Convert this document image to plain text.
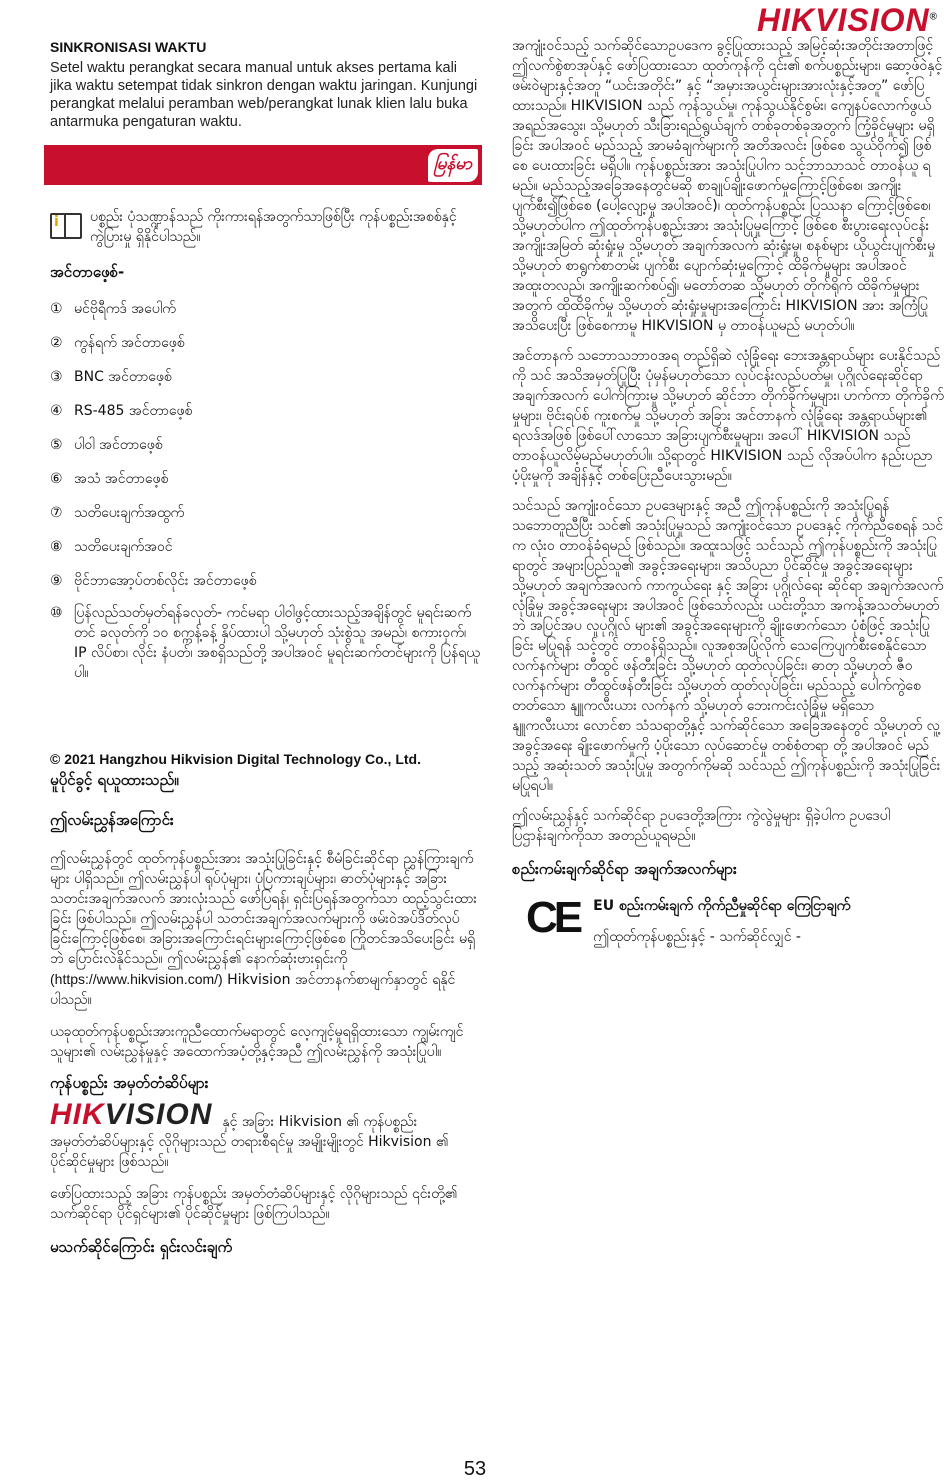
HIKVISION®

SINKRONISASI WAKTU

Setel waktu perangkat secara manual untuk akses pertama kali jika waktu setempat tidak sinkron dengan waktu jaringan. Kunjungi perangkat melalui peramban web/perangkat lunak klien lalu buka antarmuka pengaturan waktu.

မြန်မာ
i

ပစ္စည်း ပုံသဏ္ဍာန်သည် ကိုးကားရန်အတွက်သာဖြစ်ပြီး ကုန်ပစ္စည်းအစစ်နှင့် ကွဲပြားမှု ရှိနိုင်ပါသည်။

အင်တာဖေ့စ်-

① မင်ဗိုရီကဒ် အပေါက်
② ကွန်ရက် အင်တာဖေ့စ်
③ BNC အင်တာဖေ့စ်
④ RS-485 အင်တာဖေ့စ်
⑤ ပါဝါ အင်တာဖေ့စ်
⑥ အသံ အင်တာဖေ့စ်
⑦ သတိပေးချက်အထွက်
⑧ သတိပေးချက်အဝင်
⑨ ဗိုင်ဘာအော့ပ်တစ်လိုင်း အင်တာဖေ့စ်
⑩ ပြန်လည်သတ်မှတ်ရန်ခလုတ်- ကင်မရာ ပါဝါဖွင့်ထားသည့်အချိန်တွင် မူရင်းဆက်တင် ခလုတ်ကို ၁၀ စက္ကန့်ခန့် နှိပ်ထားပါ သို့မဟုတ် သုံးစွဲသူ အမည်၊ စကားဝှက်၊ IP လိပ်စာ၊ လိုင်း နံပတ်၊ အစရှိသည်တို့ အပါအဝင် မူရင်းဆက်တင်များကို ပြန်ရယူပါ။

© 2021 Hangzhou Hikvision Digital Technology Co., Ltd.

မူပိုင်ခွင့် ရယူထားသည်။

ဤလမ်းညွှန်အကြောင်း

ဤလမ်းညွှန်တွင် ထုတ်ကုန်ပစ္စည်းအား အသုံးပြုခြင်းနှင့် စီမံခြင်းဆိုင်ရာ ညွှန်ကြားချက်များ ပါရှိသည်။ ဤလမ်းညွှန်ပါ ရုပ်ပုံများ၊ ပုံပြကားချပ်များ၊ ဓာတ်ပုံများနှင့် အခြားသတင်းအချက်အလက် အားလုံးသည် ဖော်ပြရန်၊ ရှင်းပြရန်အတွက်သာ ထည့်သွင်းထားခြင်း ဖြစ်ပါသည်။ ဤလမ်းညွှန်ပါ သတင်းအချက်အလက်များကို ဖမ်းဝဲအပ်ဒိတ်လုပ်ခြင်းကြောင့်ဖြစ်စေ၊ အခြားအကြောင်းရင်းများကြောင့်ဖြစ်စေ ကြိုတင်အသိပေးခြင်း မရှိဘဲ ပြောင်းလဲနိုင်သည်။ ဤလမ်းညွှန်၏ နောက်ဆုံးဗားရှင်းကို (https://www.hikvision.com/) Hikvision အင်တာနက်စာမျက်နှာတွင် ရနိုင်ပါသည်။

ယခုထုတ်ကုန်ပစ္စည်းအားကူညီထောက်မရာတွင် လေ့ကျင့်မှုရရှိထားသော ကျွမ်းကျင်သူများ၏ လမ်းညွှန်မှုနှင့် အထောက်အပံ့တို့နှင့်အညီ ဤလမ်းညွှန်ကို အသုံးပြုပါ။

ကုန်ပစ္စည်း အမှတ်တံဆိပ်များ

HIKVISION နှင့် အခြား Hikvision ၏ ကုန်ပစ္စည်း

အမှတ်တံဆိပ်များနှင့် လိုဂိုများသည် တရားစီရင်မှု အမျိုးမျိုးတွင် Hikvision ၏ ပိုင်ဆိုင်မှုများ ဖြစ်သည်။

ဖော်ပြထားသည့် အခြား ကုန်ပစ္စည်း အမှတ်တံဆိပ်များနှင့် လိုဂိုများသည် ၎င်းတို့၏ သက်ဆိုင်ရာ ပိုင်ရှင်များ၏ ပိုင်ဆိုင်မှုများ ဖြစ်ကြပါသည်။

မသက်ဆိုင်ကြောင်း ရှင်းလင်းချက်

အကျုံးဝင်သည့် သက်ဆိုင်သောဥပဒေက ခွင့်ပြုထားသည့် အမြင့်ဆုံးအတိုင်းအတာဖြင့် ဤလက်စွဲစာအုပ်နှင့် ဖော်ပြထားသော ထုတ်ကုန်ကို ၎င်း၏ စက်ပစ္စည်းများ၊ ဆော့ဖ်ဝဲနှင့် ဖမ်းဝဲများနှင့်အတူ “ယင်းအတိုင်း” နှင့် “အမှားအယွင်းများအားလုံးနှင့်အတူ” ဖော်ပြထားသည်။ HIKVISION သည် ကုန်သွယ်မှု၊ ကုန်သွယ်နိုင်စွမ်း၊ ကျေနပ်လောက်ဖွယ် အရည်အသွေး၊ သို့မဟုတ် သီးခြားရည်ရွယ်ချက် တစ်ခုတစ်ခုအတွက် ကြံ့ခိုင်မှုများ မရှိခြင်း အပါအဝင် မည်သည့် အာမခံချက်များကို အတိအလင်း ဖြစ်စေ သွယ်ဝိုက်၍ ဖြစ်စေ ပေးထားခြင်း မရှိပါ။ ကုန်ပစ္စည်းအား အသုံးပြုပါက သင့်ဘာသာသင် တာဝန်ယူ ရမည်။ မည်သည့်အခြေအနေတွင်မဆို စာချုပ်ချိုးဖောက်မှုကြောင့်ဖြစ်စေ၊ အကျိုးပျက်စီး၍ဖြစ်စေ (ပေါ့လျော့မှု အပါအဝင်)၊ ထုတ်ကုန်ပစ္စည်း ပြဿနာ ကြောင့်ဖြစ်စေ၊ သို့မဟုတ်ပါက ဤထုတ်ကုန်ပစ္စည်းအား အသုံးပြုမှုကြောင့် ဖြစ်စေ စီးပွားရေးလုပ်ငန်း အကျိုးအမြတ် ဆုံးရှုံးမှု သို့မဟုတ် အချက်အလက် ဆုံးရှုံးမှု၊ စနစ်များ ယိုယွင်းပျက်စီးမှု သို့မဟုတ် စာရွက်စာတမ်း ပျက်စီး ပျောက်ဆုံးမှုကြောင့် ထိခိုက်မှုများ အပါအဝင် အထူးတလည်၊ အကျိုးဆက်စပ်၍၊ မတော်တဆ သို့မဟုတ် တိုက်ရိုက် ထိခိုက်မှုများအတွက် ထိုထိခိုက်မှု သို့မဟုတ် ဆုံးရှုံးမှုများအကြောင်း HIKVISION အား အကြံပြု အသိပေးပြီး ဖြစ်စေကာမူ HIKVISION မှ တာဝန်ယူမည် မဟုတ်ပါ။

အင်တာနက် သဘောသဘာဝအရ တည်ရှိဆဲ လုံခြုံရေး ဘေးအန္တရာယ်များ ပေးနိုင်သည်ကို သင် အသိအမှတ်ပြုပြီး ပုံမှန်မဟုတ်သော လုပ်ငန်းလည်ပတ်မှု၊ ပုဂ္ဂိုလ်ရေးဆိုင်ရာ အချက်အလက် ပေါက်ကြားမှု သို့မဟုတ် ဆိုင်ဘာ တိုက်ခိုက်မှုများ၊ ဟက်ကာ တိုက်ခိုက်မှုများ၊ ဗိုင်းရပ်စ် ကူးစက်မှု သို့မဟုတ် အခြား အင်တာနက် လုံခြုံရေး အန္တရာယ်များ၏ ရလဒ်အဖြစ် ဖြစ်ပေါ်လာသော အခြားပျက်စီးမှုများ၊ အပေါ် HIKVISION သည် တာဝန်ယူလိမ့်မည်မဟုတ်ပါ။ သို့ရာတွင် HIKVISION သည် လိုအပ်ပါက နည်းပညာပံ့ပိုးမှုကို အချိန်နှင့် တစ်ပြေးညီပေးသွားမည်။

သင်သည် အကျုံးဝင်သော ဥပဒေများနှင့် အညီ ဤကုန်ပစ္စည်းကို အသုံးပြုရန် သဘောတူညီပြီး သင်၏ အသုံးပြုမှုသည် အကျုံးဝင်သော ဥပဒေနှင့် ကိုက်ညီစေရန် သင်က လုံးဝ တာဝန်ခံရမည် ဖြစ်သည်။ အထူးသဖြင့် သင်သည် ဤကုန်ပစ္စည်းကို အသုံးပြုရာတွင် အများပြည်သူ၏ အခွင့်အရေးများ၊ အသိပညာ ပိုင်ဆိုင်မှု အခွင့်အရေးများ သို့မဟုတ် အချက်အလက် ကာကွယ်ရေး နှင့် အခြား ပုဂ္ဂိုလ်ရေး ဆိုင်ရာ အချက်အလက် လုံခြုံမှု အခွင့်အရေးများ အပါအဝင် ဖြစ်သော်လည်း ယင်းတို့သာ အကန့်အသတ်မဟုတ်ဘဲ အပြင်အပ လူပုဂ္ဂိုလ် များ၏ အခွင့်အရေးများကို ချိုးဖောက်သော ပုံစံဖြင့် အသုံးပြုခြင်း မပြုရန် သင့်တွင် တာဝန်ရှိသည်။ လူအစုအပြုံလိုက် သေကြေပျက်စီးစေနိုင်သော လက်နက်များ တီထွင် ဖန်တီးခြင်း သို့မဟုတ် ထုတ်လုပ်ခြင်း၊ ဓာတု သို့မဟုတ် ဇီဝ လက်နက်များ တီထွင်ဖန်တီးခြင်း သို့မဟုတ် ထုတ်လုပ်ခြင်း၊ မည်သည့် ပေါက်ကွဲစေတတ်သော နျူကလီးယား လက်နက် သို့မဟုတ် ဘေးကင်းလုံခြုံမှု မရှိသော နျူကလီးယား လောင်စာ သံသရာတို့နှင့် သက်ဆိုင်သော အခြေအနေတွင် သို့မဟုတ် လူ့အခွင့်အရေး ချိုးဖောက်မှုကို ပံ့ပိုးသော လုပ်ဆောင်မှု တစ်စုံတရာ တို့ အပါအဝင် မည်သည့် အဆုံးသတ် အသုံးပြုမှု အတွက်ကိုမဆို သင်သည် ဤကုန်ပစ္စည်းကို အသုံးပြုခြင်း မပြုရပါ။

ဤလမ်းညွှန်နှင့် သက်ဆိုင်ရာ ဥပဒေတို့အကြား ကွဲလွဲမှုများ ရှိခဲ့ပါက ဥပဒေပါ ပြဌာန်းချက်ကိုသာ အတည်ယူရမည်။

စည်းကမ်းချက်ဆိုင်ရာ အချက်အလက်များ

CE EU စည်းကမ်းချက် ကိုက်ညီမှုဆိုင်ရာ ကြေငြာချက်

ဤထုတ်ကုန်ပစ္စည်းနှင့် - သက်ဆိုင်လျှင် -

53
